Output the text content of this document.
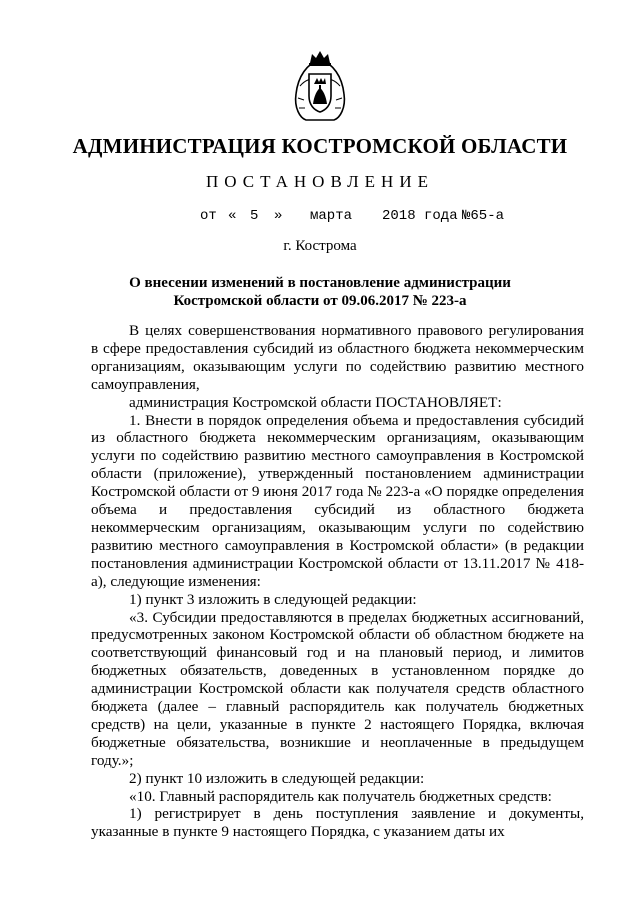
АДМИНИСТРАЦИЯ КОСТРОМСКОЙ ОБЛАСТИ
ПОСТАНОВЛЕНИЕ
от « 5 » марта 2018 года №65-а
г. Кострома
О внесении изменений в постановление администрации
Костромской области от 09.06.2017 № 223-а

В целях совершенствования нормативного правового регулирования в сфере предоставления субсидий из областного бюджета некоммерческим организациям, оказывающим услуги по содействию развитию местного самоуправления,

администрация Костромской области ПОСТАНОВЛЯЕТ:

1. Внести в порядок определения объема и предоставления субсидий из областного бюджета некоммерческим организациям, оказывающим услуги по содействию развитию местного самоуправления в Костромской области (приложение), утвержденный постановлением администрации Костромской области от 9 июня 2017 года № 223-а «О порядке определения объема и предоставления субсидий из областного бюджета некоммерческим организациям, оказывающим услуги по содействию развитию местного самоуправления в Костромской области» (в редакции постановления администрации Костромской области от 13.11.2017 № 418-а), следующие изменения:

1) пункт 3 изложить в следующей редакции:

«3. Субсидии предоставляются в пределах бюджетных ассигнований, предусмотренных законом Костромской области об областном бюджете на соответствующий финансовый год и на плановый период, и лимитов бюджетных обязательств, доведенных в установленном порядке до администрации Костромской области как получателя средств областного бюджета (далее – главный распорядитель как получатель бюджетных средств) на цели, указанные в пункте 2 настоящего Порядка, включая бюджетные обязательства, возникшие и неоплаченные в предыдущем году.»;

2) пункт 10 изложить в следующей редакции:

«10. Главный распорядитель как получатель бюджетных средств:

1) регистрирует в день поступления заявление и документы, указанные в пункте 9 настоящего Порядка, с указанием даты их
